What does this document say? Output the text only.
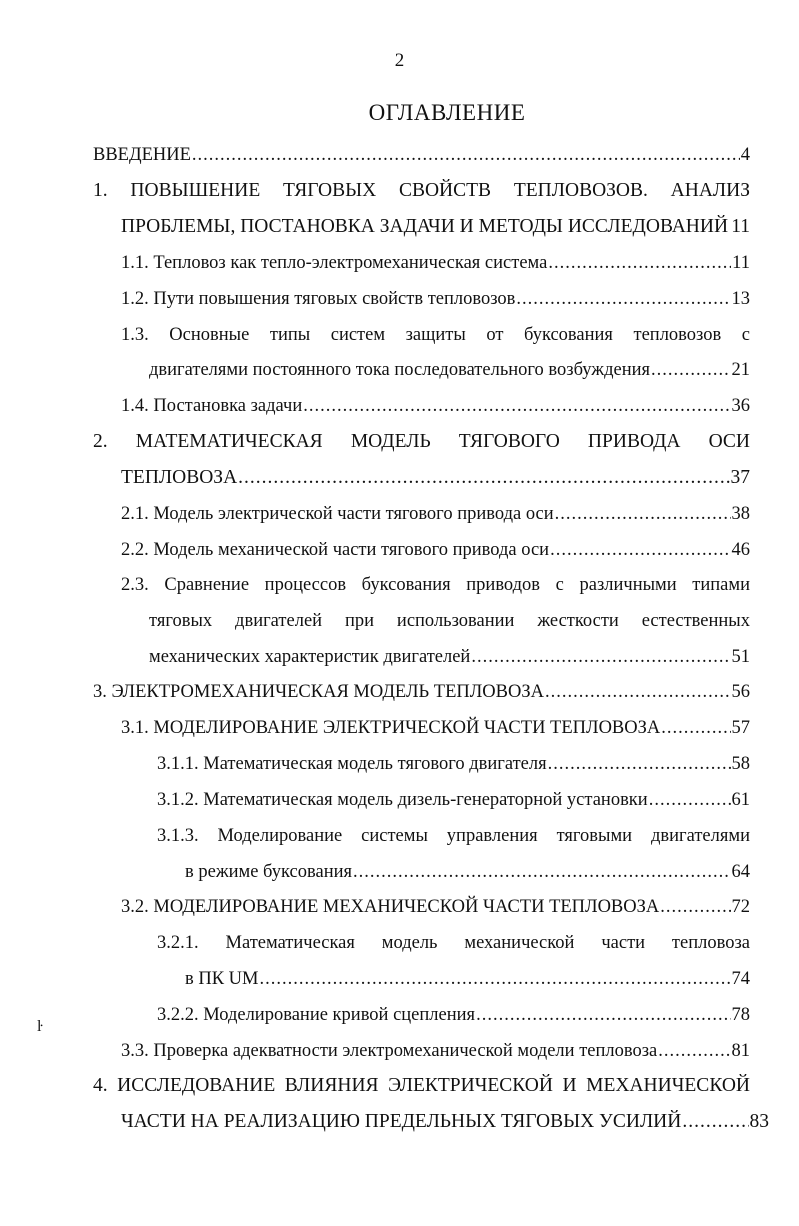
2
ОГЛАВЛЕНИЕ
ВВЕДЕНИЕ .....	4
1. ПОВЫШЕНИЕ ТЯГОВЫХ СВОЙСТВ ТЕПЛОВОЗОВ. АНАЛИЗ
ПРОБЛЕМЫ, ПОСТАНОВКА ЗАДАЧИ И МЕТОДЫ ИССЛЕДОВАНИЙ ..... 11
1.1. Тепловоз как тепло-электромеханическая система .....	11
1.2. Пути повышения тяговых свойств тепловозов .....	13
1.3. Основные типы систем защиты от буксования тепловозов с
двигателями постоянного тока последовательного возбуждения .....	21
1.4. Постановка задачи .....	36
2. МАТЕМАТИЧЕСКАЯ МОДЕЛЬ ТЯГОВОГО ПРИВОДА ОСИ
ТЕПЛОВОЗА .....	37
2.1. Модель электрической части тягового привода оси .....	38
2.2. Модель механической части тягового привода оси .....	46
2.3. Сравнение процессов буксования приводов с различными типами
тяговых двигателей при использовании жесткости естественных
механических характеристик двигателей .....	51
3. ЭЛЕКТРОМЕХАНИЧЕСКАЯ МОДЕЛЬ ТЕПЛОВОЗА .....	56
3.1. МОДЕЛИРОВАНИЕ ЭЛЕКТРИЧЕСКОЙ ЧАСТИ ТЕПЛОВОЗА .....	57
3.1.1. Математическая модель тягового двигателя .....	58
3.1.2. Математическая модель дизель-генераторной установки .....	61
3.1.3. Моделирование системы управления тяговыми двигателями
в режиме буксования .....	64
3.2. МОДЕЛИРОВАНИЕ МЕХАНИЧЕСКОЙ ЧАСТИ ТЕПЛОВОЗА .....	72
3.2.1. Математическая модель механической части тепловоза
в ПК UM .....	74
3.2.2. Моделирование кривой сцепления .....	78
3.3. Проверка адекватности электромеханической модели тепловоза .....	81
4. ИССЛЕДОВАНИЕ ВЛИЯНИЯ ЭЛЕКТРИЧЕСКОЙ И МЕХАНИЧЕСКОЙ
ЧАСТИ НА РЕАЛИЗАЦИЮ ПРЕДЕЛЬНЫХ ТЯГОВЫХ УСИЛИЙ .....	83
ŀ
